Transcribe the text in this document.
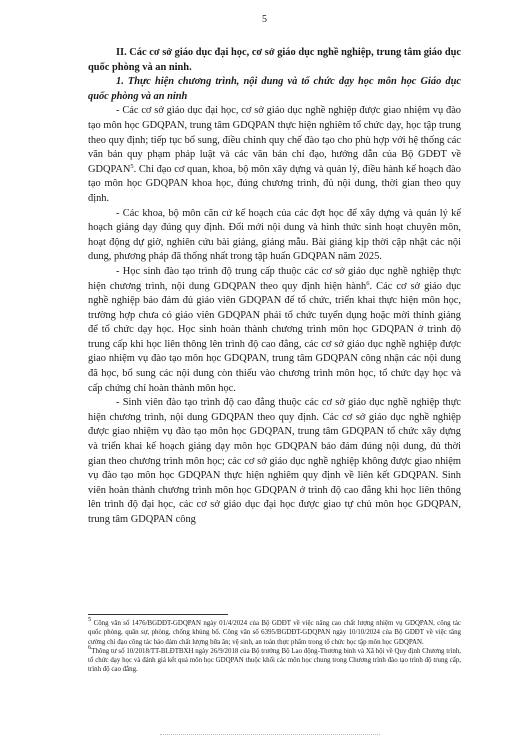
5

II. Các cơ sở giáo dục đại học, cơ sở giáo dục nghề nghiệp, trung tâm giáo dục quốc phòng và an ninh.

1. Thực hiện chương trình, nội dung và tổ chức dạy học môn học Giáo dục quốc phòng và an ninh

- Các cơ sở giáo dục đại học, cơ sở giáo dục nghề nghiệp được giao nhiệm vụ đào tạo môn học GDQPAN, trung tâm GDQPAN thực hiện nghiêm tổ chức dạy, học tập trung theo quy định; tiếp tục bổ sung, điều chỉnh quy chế đào tạo cho phù hợp với hệ thống các văn bản quy phạm pháp luật và các văn bản chỉ đạo, hướng dẫn của Bộ GDĐT về GDQPAN$^5$. Chỉ đạo cơ quan, khoa, bộ môn xây dựng và quản lý, điều hành kế hoạch đào tạo môn học GDQPAN khoa học, đúng chương trình, đủ nội dung, thời gian theo quy định.

- Các khoa, bộ môn căn cứ kế hoạch của các đợt học để xây dựng và quản lý kế hoạch giảng dạy đúng quy định. Đổi mới nội dung và hình thức sinh hoạt chuyên môn, hoạt động dự giờ, nghiên cứu bài giảng, giảng mẫu. Bài giảng kịp thời cập nhật các nội dung, phương pháp đã thống nhất trong tập huấn GDQPAN năm 2025.

- Học sinh đào tạo trình độ trung cấp thuộc các cơ sở giáo dục nghề nghiệp thực hiện chương trình, nội dung GDQPAN theo quy định hiện hành$^6$. Các cơ sở giáo dục nghề nghiệp bảo đảm đủ giáo viên GDQPAN để tổ chức, triển khai thực hiện môn học, trường hợp chưa có giáo viên GDQPAN phải tổ chức tuyển dụng hoặc mời thỉnh giảng để tổ chức dạy học. Học sinh hoàn thành chương trình môn học GDQPAN ở trình độ trung cấp khi học liên thông lên trình độ cao đẳng, các cơ sở giáo dục nghề nghiệp được giao nhiệm vụ đào tạo môn học GDQPAN, trung tâm GDQPAN công nhận các nội dung đã học, bổ sung các nội dung còn thiếu vào chương trình môn học, tổ chức dạy học và cấp chứng chỉ hoàn thành môn học.

- Sinh viên đào tạo trình độ cao đẳng thuộc các cơ sở giáo dục nghề nghiệp thực hiện chương trình, nội dung GDQPAN theo quy định. Các cơ sở giáo dục nghề nghiệp được giao nhiệm vụ đào tạo môn học GDQPAN, trung tâm GDQPAN tổ chức xây dựng và triển khai kế hoạch giảng dạy môn học GDQPAN bảo đảm đúng nội dung, đủ thời gian theo chương trình môn học; các cơ sở giáo dục nghề nghiệp không được giao nhiệm vụ đào tạo môn học GDQPAN thực hiện nghiêm quy định về liên kết GDQPAN. Sinh viên hoàn thành chương trình môn học GDQPAN ở trình độ cao đẳng khi học liên thông lên trình độ đại học, các cơ sở giáo dục đại học được giao tự chủ môn học GDQPAN, trung tâm GDQPAN công

$^5$ Công văn số 1476/BGDĐT-GDQPAN ngày 01/4/2024 của Bộ GDĐT về việc nâng cao chất lượng nhiệm vụ GDQPAN, công tác quốc phòng, quân sự, phòng, chống khủng bố. Công văn số 6395/BGDĐT-GDQPAN ngày 10/10/2024 của Bộ GDĐT về việc tăng cường chỉ đạo công tác bảo đảm chất lượng bữa ăn; vệ sinh, an toàn thực phẩm trong tổ chức học tập môn học GDQPAN.

$^6$Thông tư số 10/2018/TT-BLĐTBXH ngày 26/9/2018 của Bộ trưởng Bộ Lao động-Thương binh và Xã hội về Quy định Chương trình, tổ chức dạy học và đánh giá kết quả môn học GDQPAN thuộc khối các môn học chung trong Chương trình đào tạo trình độ trung cấp, trình độ cao đẳng.
